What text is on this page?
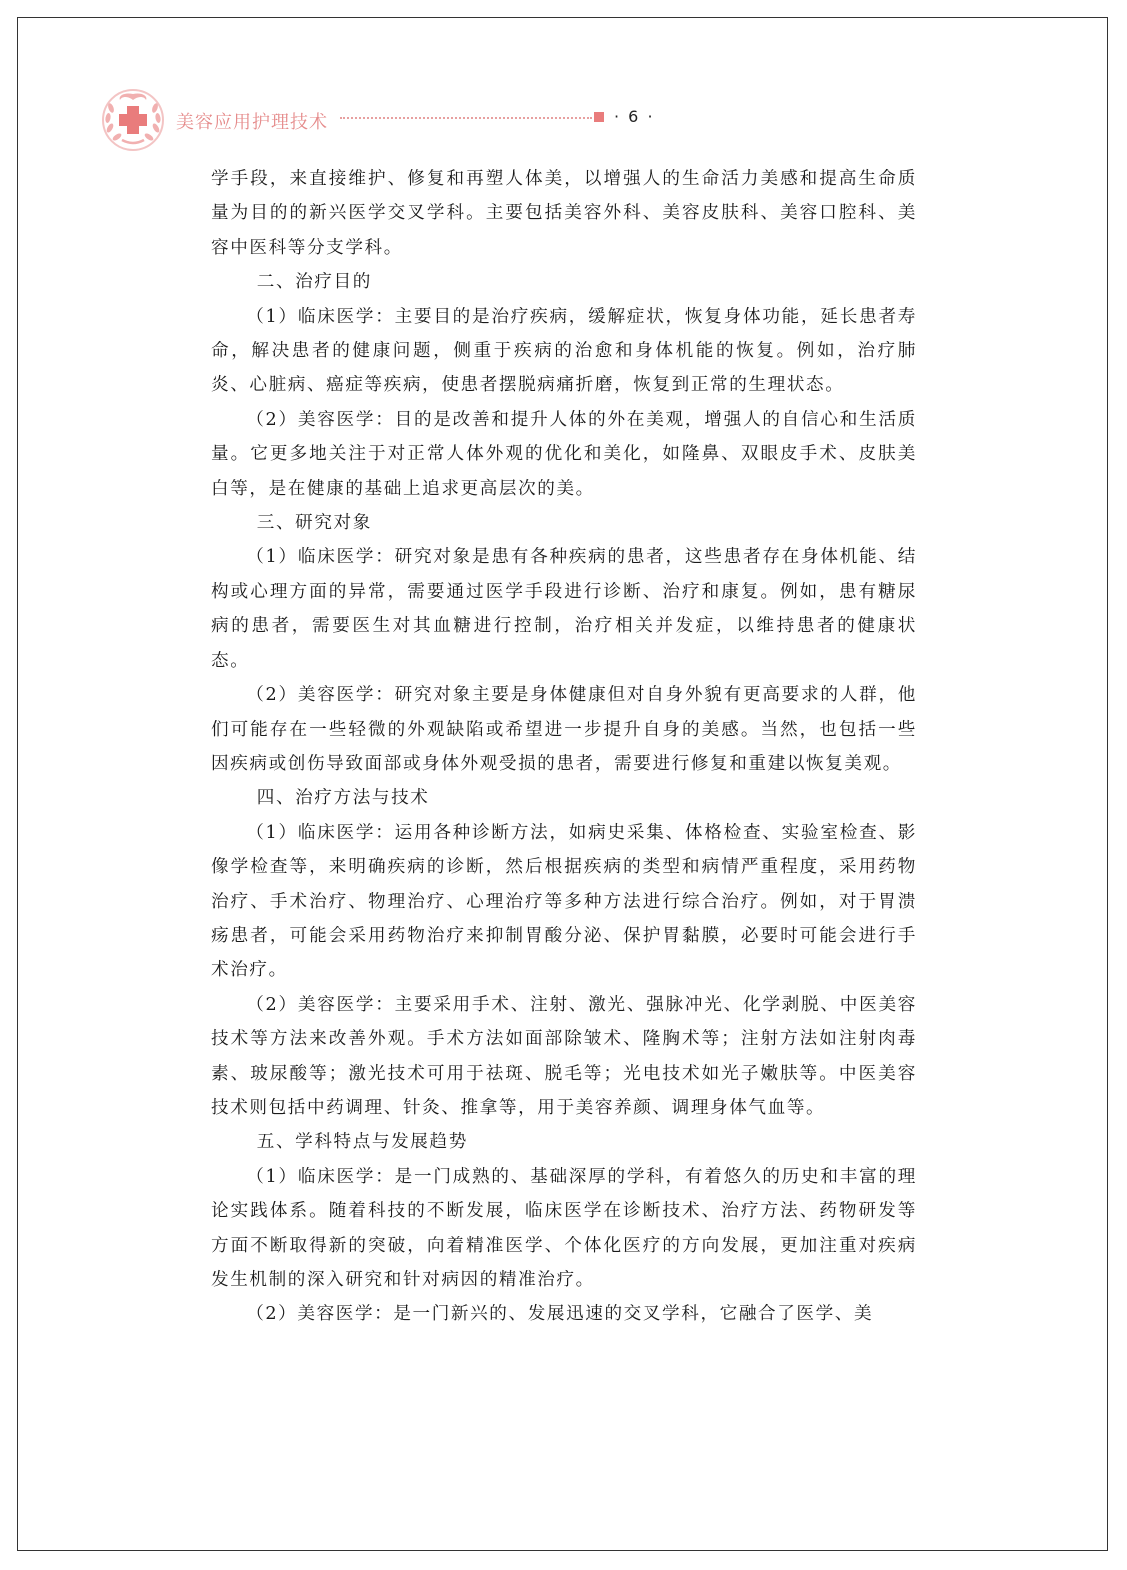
美容应用护理技术	· 6 ·

学手段，来直接维护、修复和再塑人体美，以增强人的生命活力美感和提高生命质量为目的的新兴医学交叉学科。主要包括美容外科、美容皮肤科、美容口腔科、美容中医科等分支学科。

二、治疗目的

（1）临床医学：主要目的是治疗疾病，缓解症状，恢复身体功能，延长患者寿命，解决患者的健康问题，侧重于疾病的治愈和身体机能的恢复。例如，治疗肺炎、心脏病、癌症等疾病，使患者摆脱病痛折磨，恢复到正常的生理状态。

（2）美容医学：目的是改善和提升人体的外在美观，增强人的自信心和生活质量。它更多地关注于对正常人体外观的优化和美化，如隆鼻、双眼皮手术、皮肤美白等，是在健康的基础上追求更高层次的美。

三、研究对象

（1）临床医学：研究对象是患有各种疾病的患者，这些患者存在身体机能、结构或心理方面的异常，需要通过医学手段进行诊断、治疗和康复。例如，患有糖尿病的患者，需要医生对其血糖进行控制，治疗相关并发症，以维持患者的健康状态。

（2）美容医学：研究对象主要是身体健康但对自身外貌有更高要求的人群，他们可能存在一些轻微的外观缺陷或希望进一步提升自身的美感。当然，也包括一些因疾病或创伤导致面部或身体外观受损的患者，需要进行修复和重建以恢复美观。

四、治疗方法与技术

（1）临床医学：运用各种诊断方法，如病史采集、体格检查、实验室检查、影像学检查等，来明确疾病的诊断，然后根据疾病的类型和病情严重程度，采用药物治疗、手术治疗、物理治疗、心理治疗等多种方法进行综合治疗。例如，对于胃溃疡患者，可能会采用药物治疗来抑制胃酸分泌、保护胃黏膜，必要时可能会进行手术治疗。

（2）美容医学：主要采用手术、注射、激光、强脉冲光、化学剥脱、中医美容技术等方法来改善外观。手术方法如面部除皱术、隆胸术等；注射方法如注射肉毒素、玻尿酸等；激光技术可用于祛斑、脱毛等；光电技术如光子嫩肤等。中医美容技术则包括中药调理、针灸、推拿等，用于美容养颜、调理身体气血等。

五、学科特点与发展趋势

（1）临床医学：是一门成熟的、基础深厚的学科，有着悠久的历史和丰富的理论实践体系。随着科技的不断发展，临床医学在诊断技术、治疗方法、药物研发等方面不断取得新的突破，向着精准医学、个体化医疗的方向发展，更加注重对疾病发生机制的深入研究和针对病因的精准治疗。

（2）美容医学：是一门新兴的、发展迅速的交叉学科，它融合了医学、美
